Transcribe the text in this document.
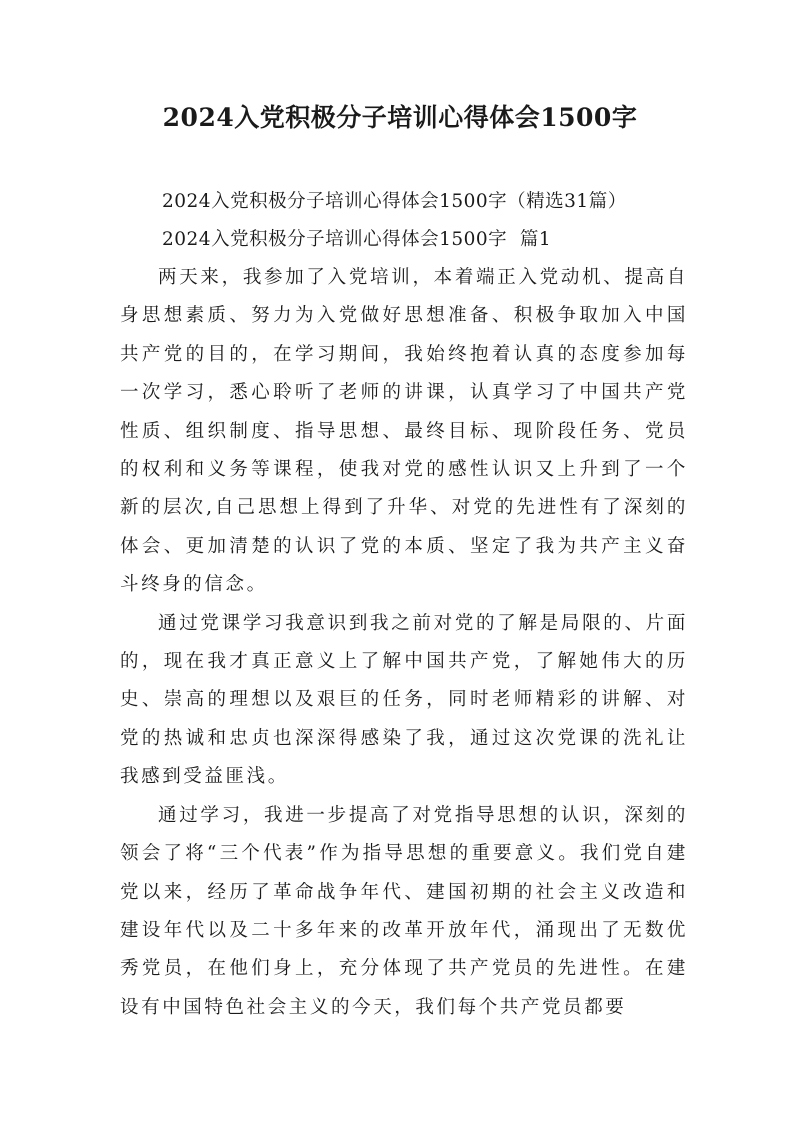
2024入党积极分子培训心得体会1500字

2024入党积极分子培训心得体会1500字（精选31篇）

2024入党积极分子培训心得体会1500字  篇1

两天来，我参加了入党培训，本着端正入党动机、提高自身思想素质、努力为入党做好思想准备、积极争取加入中国共产党的目的，在学习期间，我始终抱着认真的态度参加每一次学习，悉心聆听了老师的讲课，认真学习了中国共产党性质、组织制度、指导思想、最终目标、现阶段任务、党员的权利和义务等课程，使我对党的感性认识又上升到了一个新的层次,自己思想上得到了升华、对党的先进性有了深刻的体会、更加清楚的认识了党的本质、坚定了我为共产主义奋斗终身的信念。

通过党课学习我意识到我之前对党的了解是局限的、片面的，现在我才真正意义上了解中国共产党，了解她伟大的历史、崇高的理想以及艰巨的任务，同时老师精彩的讲解、对党的热诚和忠贞也深深得感染了我，通过这次党课的洗礼让我感到受益匪浅。

通过学习，我进一步提高了对党指导思想的认识，深刻的领会了将“三个代表”作为指导思想的重要意义。我们党自建党以来，经历了革命战争年代、建国初期的社会主义改造和建设年代以及二十多年来的改革开放年代，涌现出了无数优秀党员，在他们身上，充分体现了共产党员的先进性。在建设有中国特色社会主义的今天，我们每个共产党员都要
